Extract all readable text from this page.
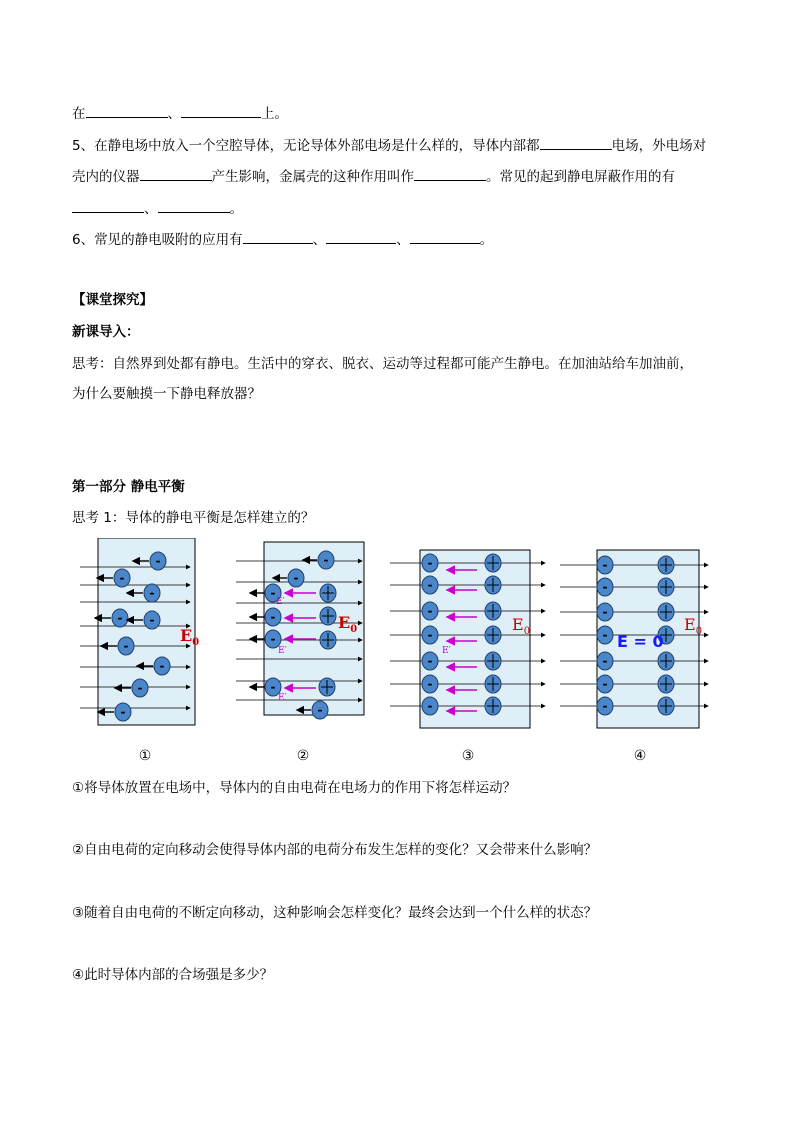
在	、	上。
5、在静电场中放入一个空腔导体，无论导体外部电场是什么样的，导体内部都	电场，外电场对
壳内的仪器	产生影响，金属壳的这种作用叫作	。常见的起到静电屏蔽作用的有
、	。
6、常见的静电吸附的应用有	、	、	。
【课堂探究】
新课导入：
思考：自然界到处都有静电。生活中的穿衣、脱衣、运动等过程都可能产生静电。在加油站给车加油前，
为什么要触摸一下静电释放器？
第一部分 静电平衡
思考 1：导体的静电平衡是怎样建立的？
-
-
-
- -
-
-
-
-
$E_0$
-
-
-
-
-
-
-
E′
E′
E′
$E_0$
-
-
-
-
-
-
-
E′
$E_0$
-
-
-
-
-
-
-
E = 0
$E_0$
①	②	③	④
①将导体放置在电场中，导体内的自由电荷在电场力的作用下将怎样运动？
②自由电荷的定向移动会使得导体内部的电荷分布发生怎样的变化？又会带来什么影响？
③随着自由电荷的不断定向移动，这种影响会怎样变化？最终会达到一个什么样的状态？
④此时导体内部的合场强是多少？
